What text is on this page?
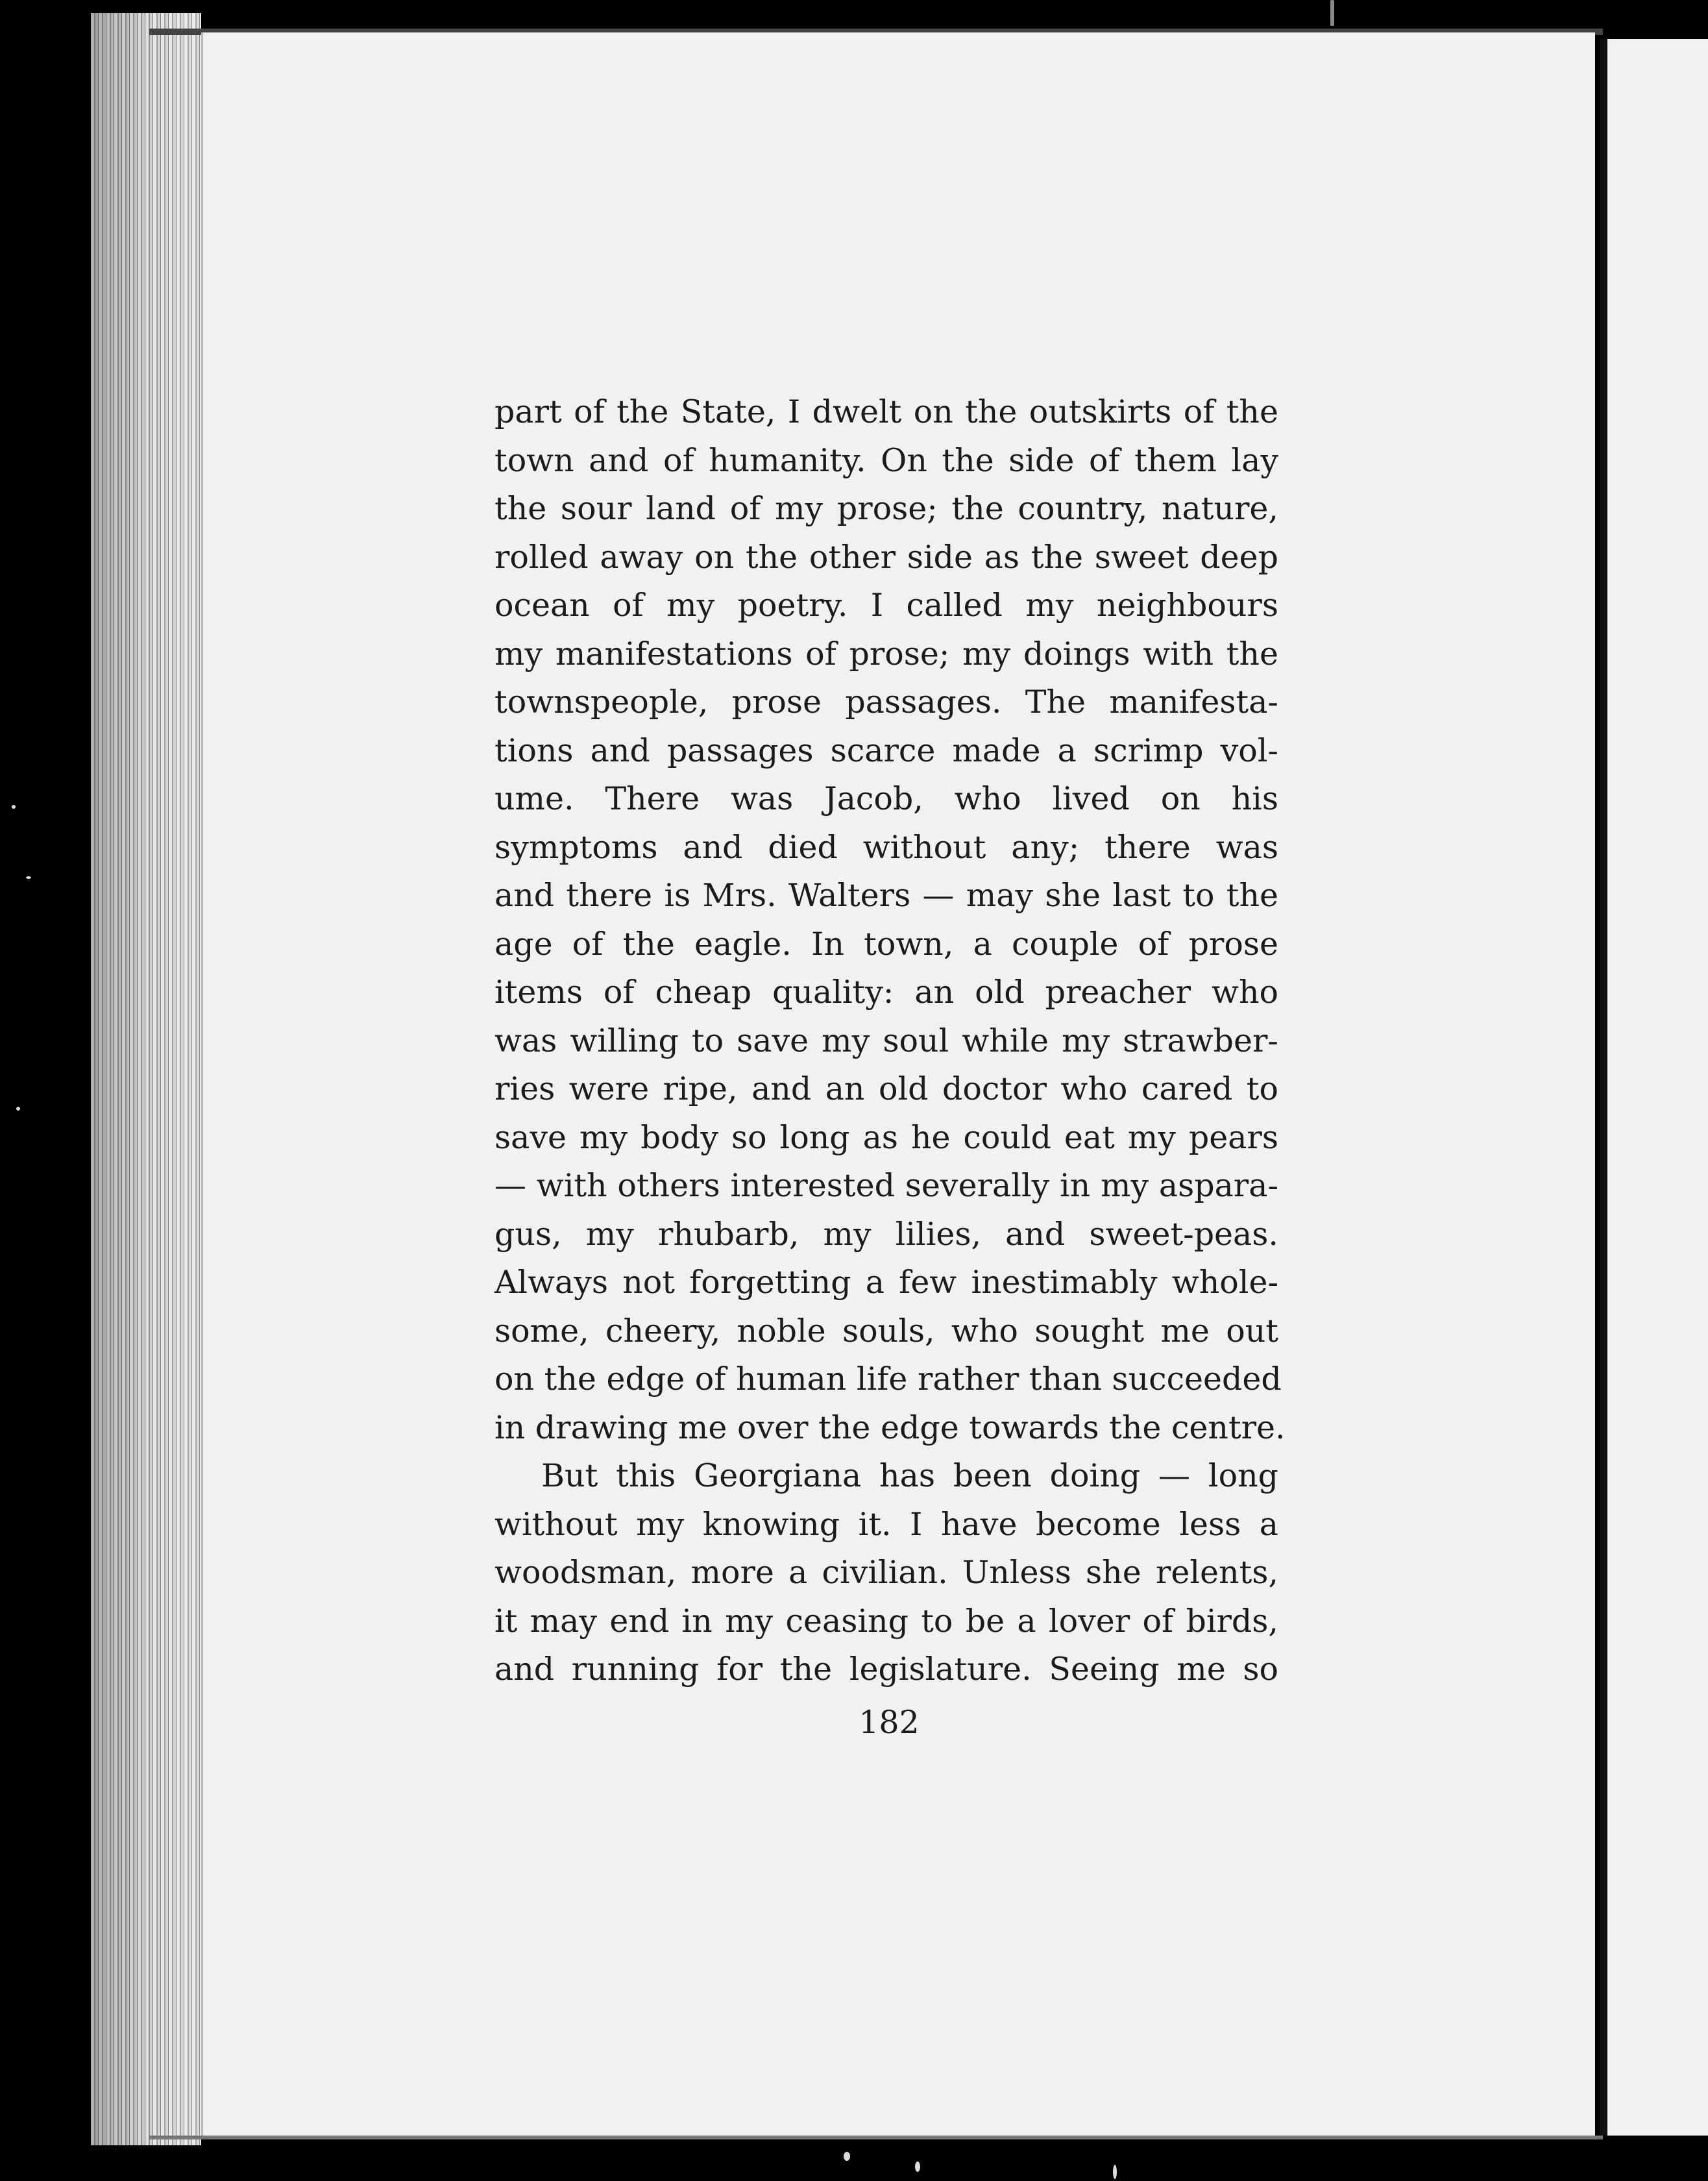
part of the State, I dwelt on the outskirts of the
town and of humanity. On the side of them lay
the sour land of my prose; the country, nature,
rolled away on the other side as the sweet deep
ocean of my poetry. I called my neighbours
my manifestations of prose; my doings with the
townspeople, prose passages. The manifesta-
tions and passages scarce made a scrimp vol-
ume. There was Jacob, who lived on his
symptoms and died without any; there was
and there is Mrs. Walters — may she last to the
age of the eagle. In town, a couple of prose
items of cheap quality: an old preacher who
was willing to save my soul while my strawber-
ries were ripe, and an old doctor who cared to
save my body so long as he could eat my pears
— with others interested severally in my aspara-
gus, my rhubarb, my lilies, and sweet-peas.
Always not forgetting a few inestimably whole-
some, cheery, noble souls, who sought me out
on the edge of human life rather than succeeded
in drawing me over the edge towards the centre.
But this Georgiana has been doing — long
without my knowing it. I have become less a
woodsman, more a civilian. Unless she relents,
it may end in my ceasing to be a lover of birds,
and running for the legislature. Seeing me so
182
